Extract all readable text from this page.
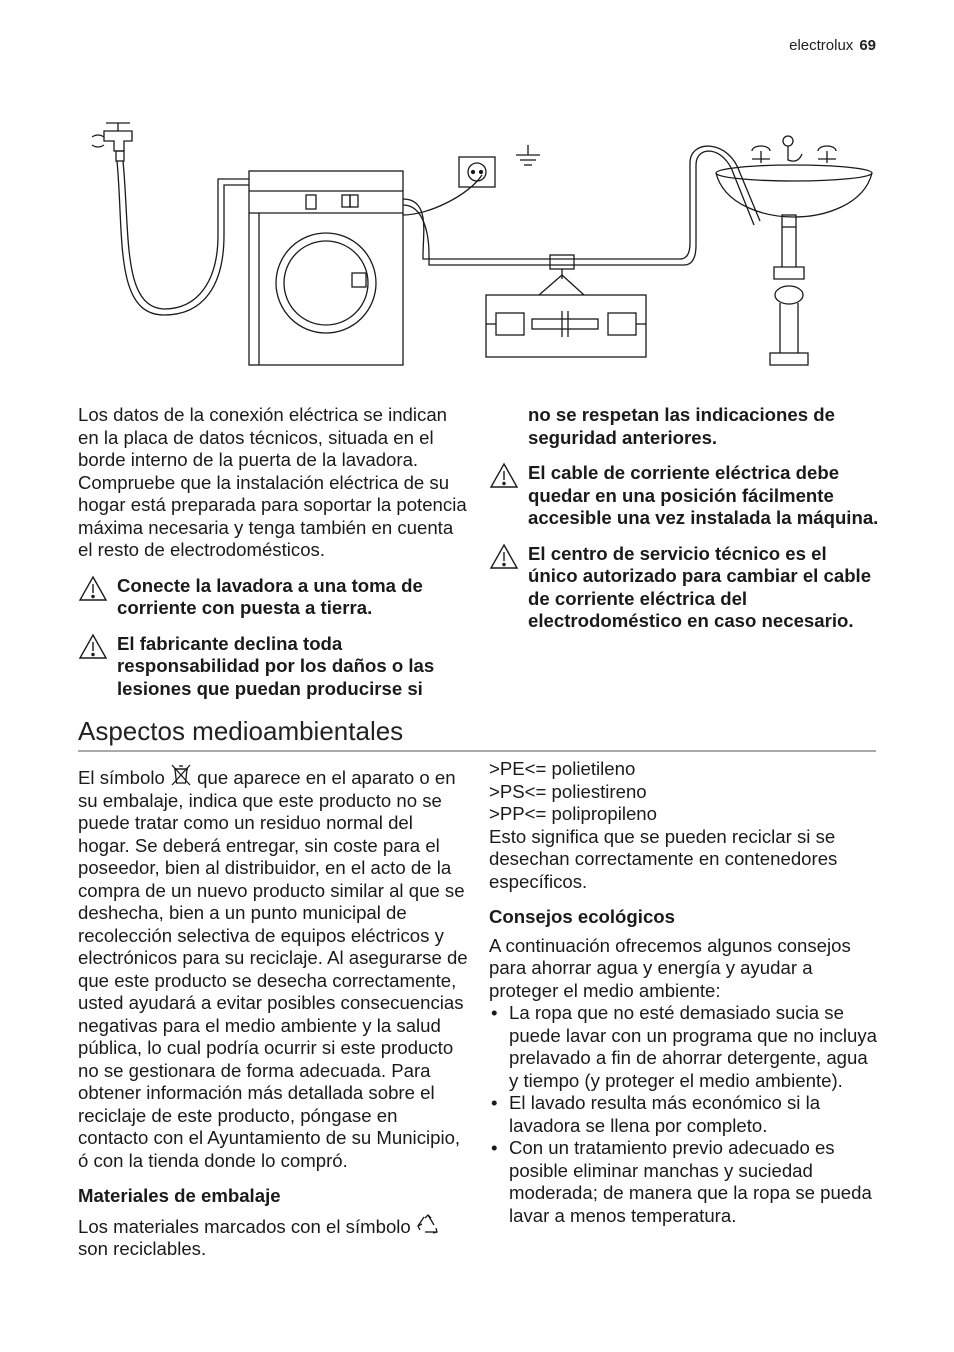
electrolux 69

Los datos de la conexión eléctrica se indican en la placa de datos técnicos, situada en el borde interno de la puerta de la lavadora. Compruebe que la instalación eléctrica de su hogar está preparada para soportar la potencia máxima necesaria y tenga también en cuenta el resto de electrodomésticos.

Conecte la lavadora a una toma de corriente con puesta a tierra.
El fabricante declina toda responsabilidad por los daños o las lesiones que puedan producirse si

no se respetan las indicaciones de seguridad anteriores.

El cable de corriente eléctrica debe quedar en una posición fácilmente accesible una vez instalada la máquina.
El centro de servicio técnico es el único autorizado para cambiar el cable de corriente eléctrica del electrodoméstico en caso necesario.
Aspectos medioambientales

El símbolo que aparece en el aparato o en su embalaje, indica que este producto no se puede tratar como un residuo normal del hogar. Se deberá entregar, sin coste para el poseedor, bien al distribuidor, en el acto de la compra de un nuevo producto similar al que se deshecha, bien a un punto municipal de recolección selectiva de equipos eléctricos y electrónicos para su reciclaje. Al asegurarse de que este producto se desecha correctamente, usted ayudará a evitar posibles consecuencias negativas para el medio ambiente y la salud pública, lo cual podría ocurrir si este producto no se gestionara de forma adecuada. Para obtener información más detallada sobre el reciclaje de este producto, póngase en contacto con el Ayuntamiento de su Municipio, ó con la tienda donde lo compró.

Materiales de embalaje

Los materiales marcados con el símbolo  son reciclables.

>PE<= polietileno

>PS<= poliestireno

>PP<= polipropileno

Esto significa que se pueden reciclar si se desechan correctamente en contenedores específicos.

Consejos ecológicos

A continuación ofrecemos algunos consejos para ahorrar agua y energía y ayudar a proteger el medio ambiente:

• La ropa que no esté demasiado sucia se puede lavar con un programa que no incluya prelavado a fin de ahorrar detergente, agua y tiempo (y proteger el medio ambiente).
• El lavado resulta más económico si la lavadora se llena por completo.
• Con un tratamiento previo adecuado es posible eliminar manchas y suciedad moderada; de manera que la ropa se pueda lavar a menos temperatura.
